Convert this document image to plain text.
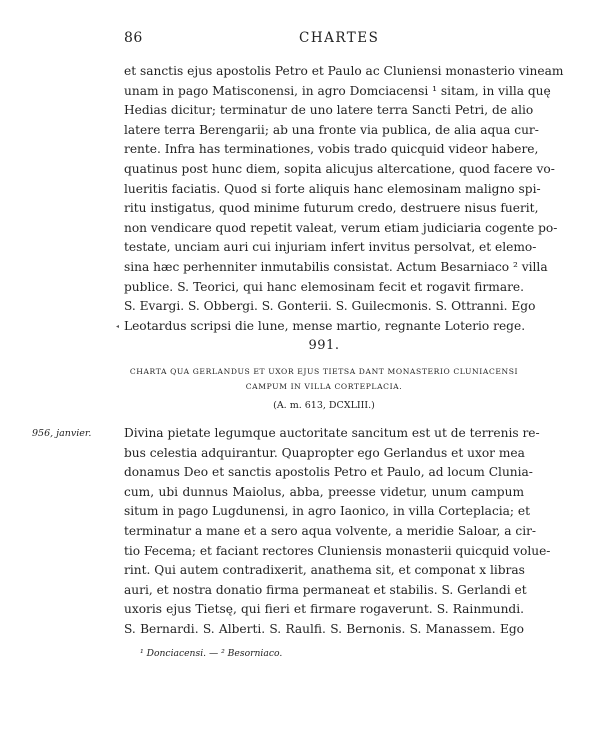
86	CHARTES
et sanctis ejus apostolis Petro et Paulo ac Cluniensi monasterio vineam
unam in pago Matisconensi, in agro Domciacensi ¹ sitam, in villa quę
Hedias dicitur; terminatur de uno latere terra Sancti Petri, de alio
latere terra Berengarii; ab una fronte via publica, de alia aqua cur-
rente. Infra has terminationes, vobis trado quicquid videor habere,
quatinus post hunc diem, sopita alicujus altercatione, quod facere vo-
lueritis faciatis. Quod si forte aliquis hanc elemosinam maligno spi-
ritu instigatus, quod minime futurum credo, destruere nisus fuerit,
non vendicare quod repetit valeat, verum etiam judiciaria cogente po-
testate, unciam auri cui injuriam infert invitus persolvat, et elemo-
sina hæc perhenniter inmutabilis consistat. Actum Besarniaco ² villa
publice. S. Teorici, qui hanc elemosinam fecit et rogavit firmare.
S. Evargi. S. Obbergi. S. Gonterii. S. Guilecmonis. S. Ottranni. Ego
Leotardus scripsi die lune, mense martio, regnante Loterio rege.
◂
991.
CHARTA QUA GERLANDUS ET UXOR EJUS TIETSA DANT MONASTERIO CLUNIACENSI
CAMPUM IN VILLA CORTEPLACIA.
(A. m. 613, DCXLIII.)
956, janvier.	Divina pietate legumque auctoritate sancitum est ut de terrenis re-
bus celestia adquirantur. Quapropter ego Gerlandus et uxor mea
donamus Deo et sanctis apostolis Petro et Paulo, ad locum Clunia-
cum, ubi dunnus Maiolus, abba, preesse videtur, unum campum
situm in pago Lugdunensi, in agro Iaonico, in villa Corteplacia; et
terminatur a mane et a sero aqua volvente, a meridie Saloar, a cir-
tio Fecema; et faciant rectores Cluniensis monasterii quicquid volue-
rint. Qui autem contradixerit, anathema sit, et componat x libras
auri, et nostra donatio firma permaneat et stabilis. S. Gerlandi et
uxoris ejus Tietsę, qui fieri et firmare rogaverunt. S. Rainmundi.
S. Bernardi. S. Alberti. S. Raulfi. S. Bernonis. S. Manassem. Ego
¹ Donciacensi. — ² Besorniaco.
